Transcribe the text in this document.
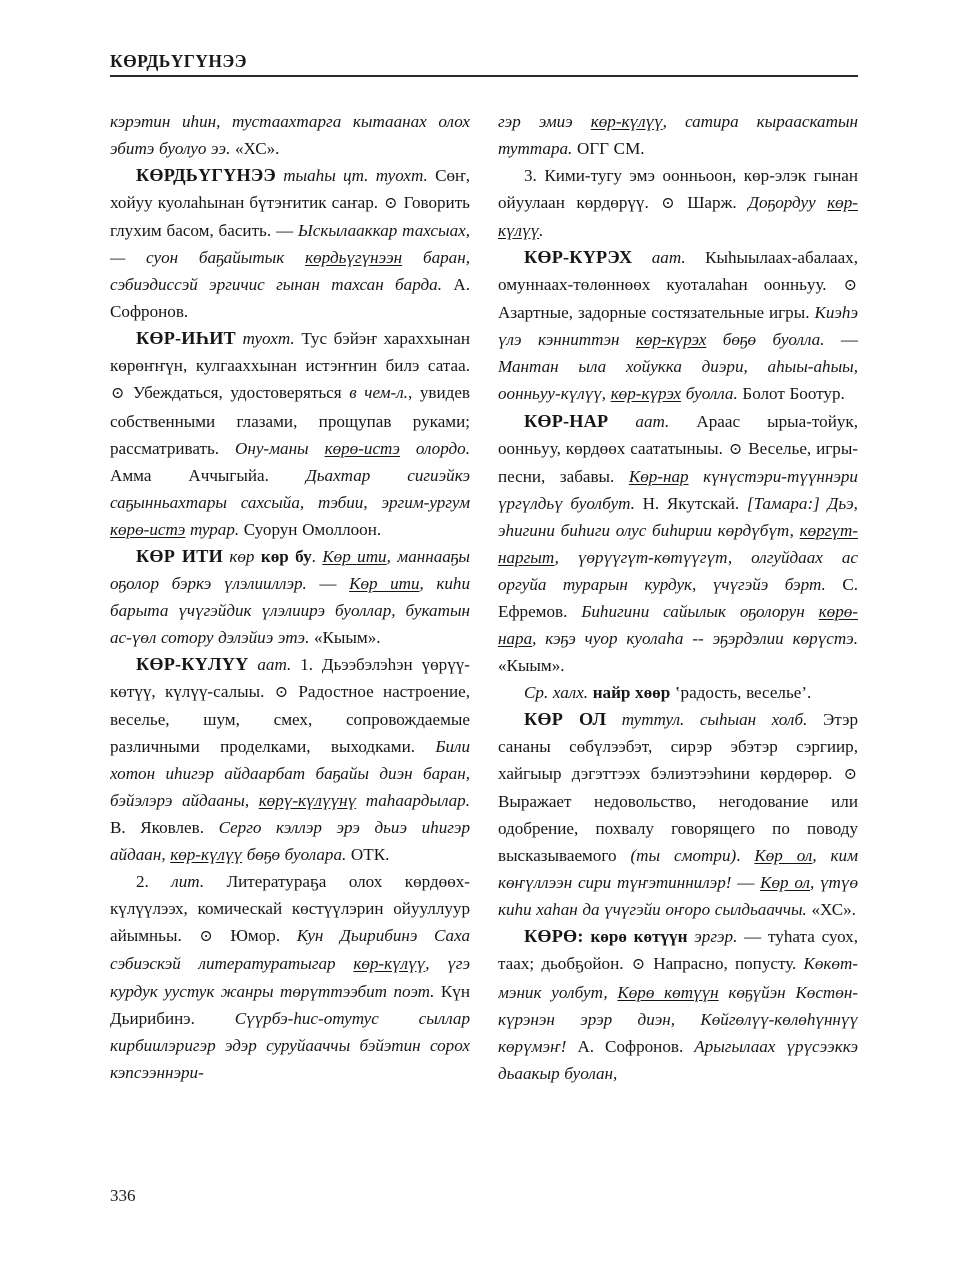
КӨРДЬҮГҮНЭЭ

кэрэтин иһин, тустаахтарга кытаанах олох эбитэ буолуо ээ. «ХС».

КӨРДЬҮГҮНЭЭ тыаһы цт. туохт. Сөҥ, хойуу куолаһынан бүтэҥитик саҥар. ⊙ Говорить глухим басом, басить. — Ыскылааккар тахсыах, — суон баҕайытык көрдьүгүнээн баран, сэбиэдиссэй эргичис гынан тахсан барда. А. Софронов.

КӨР-ИҺИТ туохт. Тус бэйэҥ хараххынан көрөҥҥүн, кулгааххынан истэҥҥин билэ сатаа. ⊙ Убеждаться, удостоверяться в чем-л., увидев собственными глазами, прощупав руками; рассматривать. Ону-маны көрө-истэ олордо. Амма Аччыгыйа. Дьахтар сигиэйкэ саҕынньахтары сахсыйа, тэбии, эргим-ургум көрө-истэ турар. Суорун Омоллоон.

КӨР ИТИ көр көр бу. Көр ити, маннааҕы оҕолор бэркэ үлэлииллэр. — Көр ити, киһи барыта үчүгэйдик үлэлиирэ буоллар, букатын ас-үөл сотору дэлэйиэ этэ. «Кыым».

КӨР-КҮЛҮҮ аат. 1. Дьээбэлэһэн үөрүү-көтүү, күлүү-салыы. ⊙ Радостное настроение, веселье, шум, смех, сопровождаемые различными проделками, выходками. Били хотон иһигэр айдаарбат баҕайы диэн баран, бэйэлэрэ айдааны, көрү-күлүүнү таһаардылар. В. Яковлев. Серго кэллэр эрэ дьиэ иһигэр айдаан, көр-күлүү бөҕө буолара. ОТК.

2. лит. Литератураҕа олох көрдөөх-күлүүлээх, комическай көстүүлэрин ойууллуур айымньы. ⊙ Юмор. Кун Дьирибинэ Саха сэбиэскэй литературатыгар көр-күлүү, үгэ курдук уустук жанры төрүттээбит поэт. Күн Дьирибинэ. Сүүрбэ-һис-отутус сыллар кирбиилэригэр эдэр суруйааччы бэйэтин сорох кэпсээннэри-

гэр эмиэ көр-күлүү, сатира кырааскатын туттара. ОГГ СМ.

3. Кими-тугу эмэ оонньоон, көр-элэк гынан ойуулаан көрдөрүү. ⊙ Шарж. Доҕордуу көр-күлүү.

КӨР-КҮРЭХ аат. Кыһыылаах-абалаах, омуннаах-төлөннөөх куоталаһан оонньуу. ⊙ Азартные, задорные состязательные игры. Киэһэ үлэ кэнниттэн көр-күрэх бөҕө буолла. — Мантан ыла хойукка диэри, аһыы-аһыы, оонньуу-күлүү, көр-күрэх буолла. Болот Боотур.

КӨР-НАР аат. Араас ырыа-тойук, оонньуу, көрдөөх саататыныы. ⊙ Веселье, игры-песни, забавы. Көр-нар күнүстэри-түүннэри үргүлдьү буолбут. Н. Якутскай. [Тамара:] Дьэ, эһигини биһиги олус биһирии көрдүбүт, көргүт-наргыт, үөрүүгүт-көтүүгүт, олгуйдаах ас оргуйа турарын курдук, үчүгэйэ бэрт. С. Ефремов. Биһигини сайылык оҕолорун көрө-нара, кэҕэ чуор куолаһа -- эҕэрдэлии көрүстэ. «Кыым».

Ср. халх. найр хөөр ‛радость, веселье’.

КӨР ОЛ туттул. сыһыан холб. Этэр сананы сөбүлээбэт, сирэр эбэтэр сэргиир, хайгыыр дэгэттээх бэлиэтээһини көрдөрөр. ⊙ Выражает недовольство, негодование или одобрение, похвалу говорящего по поводу высказываемого (ты смотри). Көр ол, ким көҥүллээн сири түҥэтиннилэр! — Көр ол, үтүө киһи хаһан да үчүгэйи оҥоро сылдьааччы. «ХС».

КӨРӨ: көрө көтүүн эргэр. — туһата суох, таах; дьобҕойон. ⊙ Напрасно, попусту. Көкөт-мэник уолбут, Көрө көтүүн көҕүйэн Көстөн-күрэнэн эрэр диэн, Көйгөлүү-көлөһүннүү көрүмэҥ! А. Софронов. Арыгылаах үрүсээккэ дьаакыр буолан,

336
